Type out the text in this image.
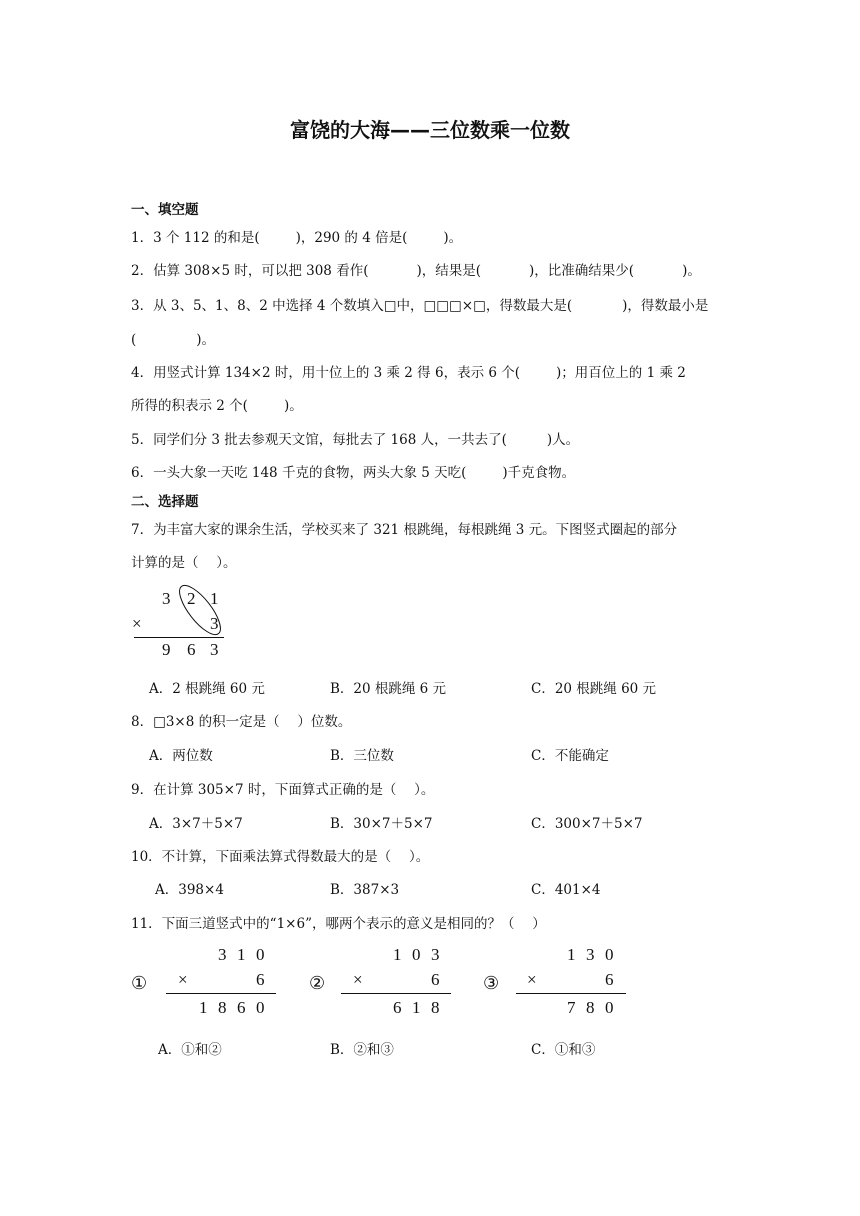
富饶的大海——三位数乘一位数
一、填空题
1．3 个 112 的和是(	)，290 的 4 倍是(	)。
2．估算 308×5 时，可以把 308 看作(	)，结果是(	)，比准确结果少(	)。
3．从 3、5、1、8、2 中选择 4 个数填入□中，□□□×□，得数最大是(	)，得数最小是
(	)。
4．用竖式计算 134×2 时，用十位上的 3 乘 2 得 6，表示 6 个(	)；用百位上的 1 乘 2
所得的积表示 2 个(	)。
5．同学们分 3 批去参观天文馆，每批去了 168 人，一共去了(	)人。
6．一头大象一天吃 148 千克的食物，两头大象 5 天吃(	)千克食物。
二、选择题
7．为丰富大家的课余生活，学校买来了 321 根跳绳，每根跳绳 3 元。下图竖式圈起的部分
计算的是（　 ）。
3 2 1
×	3
9 6 3
A．2 根跳绳 60 元	B．20 根跳绳 6 元	C．20 根跳绳 60 元
8．□3×8 的积一定是（　 ）位数。
A．两位数	B．三位数	C．不能确定
9．在计算 305×7 时，下面算式正确的是（　 ）。
A．3×7＋5×7	B．30×7＋5×7	C．300×7＋5×7
10．不计算，下面乘法算式得数最大的是（　 ）。
A．398×4	B．387×3	C．401×4
11．下面三道竖式中的“1×6”，哪两个表示的意义是相同的？（　 ）
①
3 1 0
×	6
1 8 6 0
②
1 0 3
×	6
6 1 8
③
1 3 0
×	6
7 8 0
A．①和②	B．②和③	C．①和③
